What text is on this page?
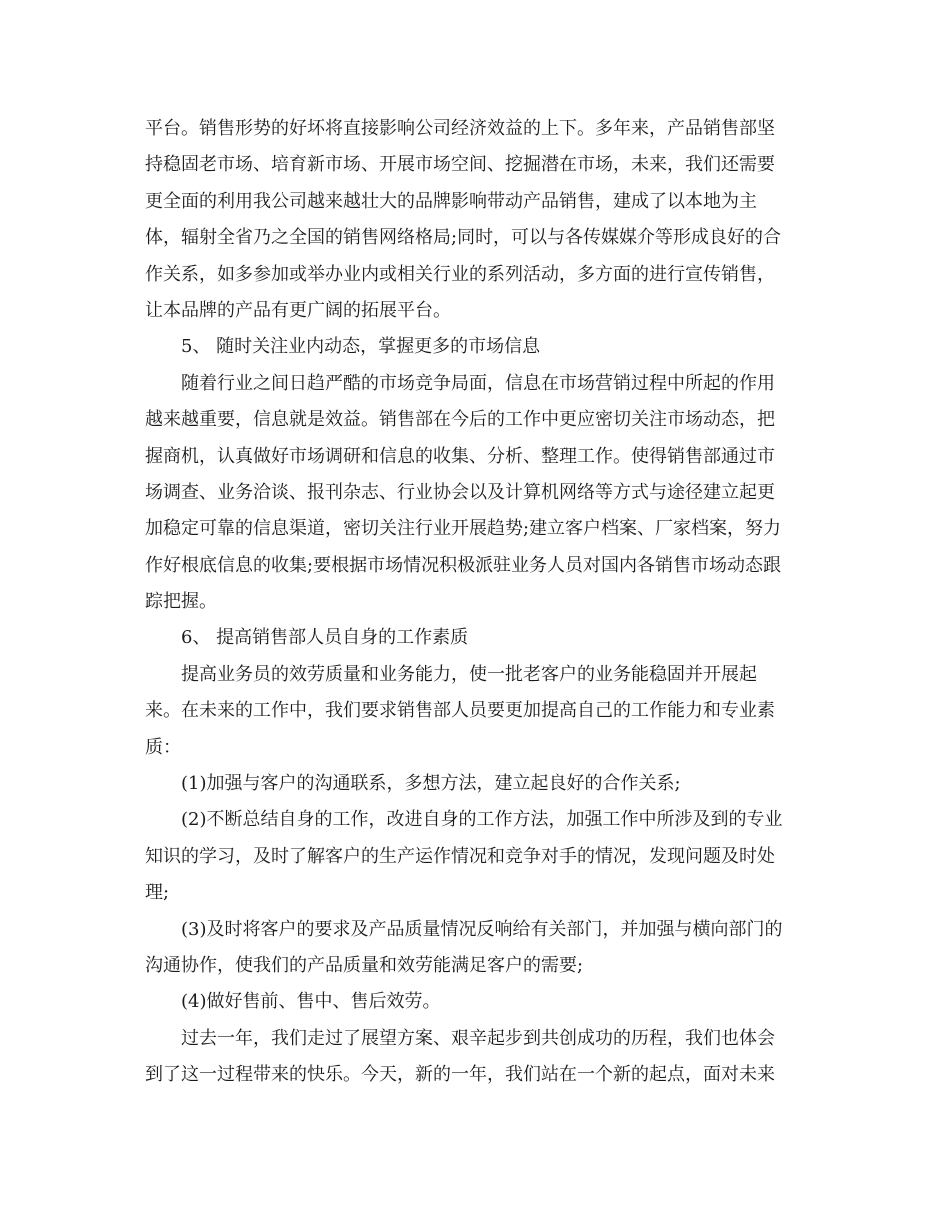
平台。销售形势的好坏将直接影响公司经济效益的上下。多年来，产品销售部坚
持稳固老市场、培育新市场、开展市场空间、挖掘潜在市场，未来，我们还需要
更全面的利用我公司越来越壮大的品牌影响带动产品销售，建成了以本地为主
体，辐射全省乃之全国的销售网络格局;同时，可以与各传媒媒介等形成良好的合
作关系，如多参加或举办业内或相关行业的系列活动，多方面的进行宣传销售，
让本品牌的产品有更广阔的拓展平台。
5、 随时关注业内动态，掌握更多的市场信息
随着行业之间日趋严酷的市场竞争局面，信息在市场营销过程中所起的作用
越来越重要，信息就是效益。销售部在今后的工作中更应密切关注市场动态，把
握商机，认真做好市场调研和信息的收集、分析、整理工作。使得销售部通过市
场调查、业务洽谈、报刊杂志、行业协会以及计算机网络等方式与途径建立起更
加稳定可靠的信息渠道，密切关注行业开展趋势;建立客户档案、厂家档案，努力
作好根底信息的收集;要根据市场情况积极派驻业务人员对国内各销售市场动态跟
踪把握。
6、 提高销售部人员自身的工作素质
提高业务员的效劳质量和业务能力，使一批老客户的业务能稳固并开展起
来。在未来的工作中，我们要求销售部人员要更加提高自己的工作能力和专业素
质：
(1)加强与客户的沟通联系，多想方法，建立起良好的合作关系;
(2)不断总结自身的工作，改进自身的工作方法，加强工作中所涉及到的专业
知识的学习，及时了解客户的生产运作情况和竞争对手的情况，发现问题及时处
理;
(3)及时将客户的要求及产品质量情况反响给有关部门，并加强与横向部门的
沟通协作，使我们的产品质量和效劳能满足客户的需要;
(4)做好售前、售中、售后效劳。
过去一年，我们走过了展望方案、艰辛起步到共创成功的历程，我们也体会
到了这一过程带来的快乐。今天，新的一年，我们站在一个新的起点，面对未来
